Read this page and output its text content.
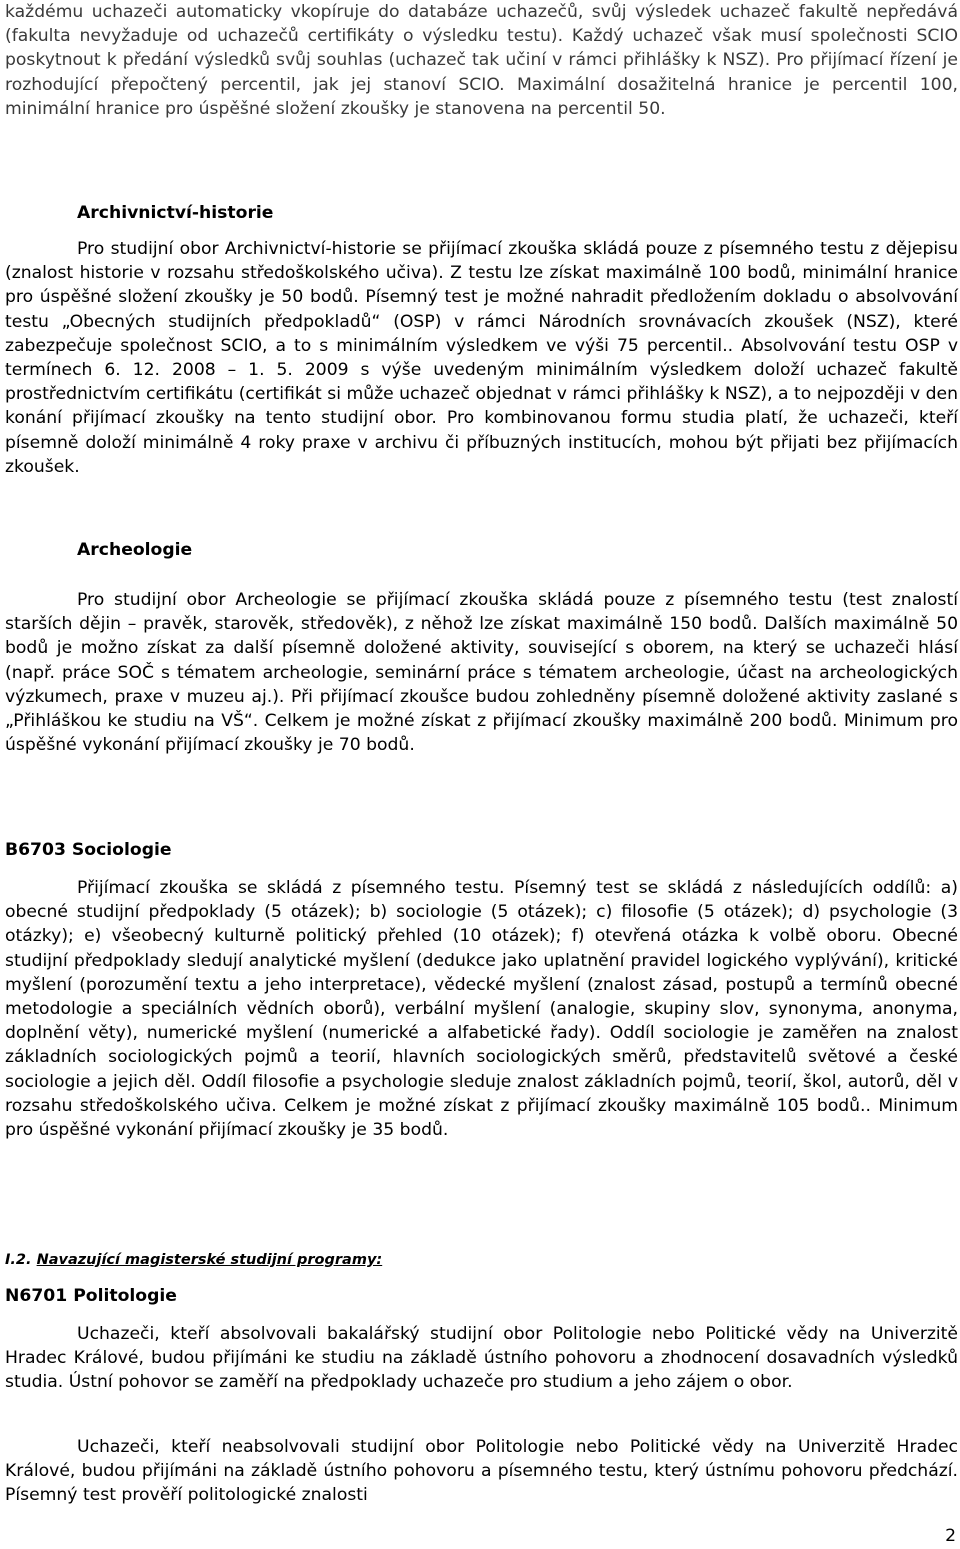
každému uchazeči automaticky vkopíruje do databáze uchazečů, svůj výsledek uchazeč fakultě nepředává (fakulta nevyžaduje od uchazečů certifikáty o výsledku testu). Každý uchazeč však musí společnosti SCIO poskytnout k předání výsledků svůj souhlas (uchazeč tak učiní v rámci přihlášky k NSZ). Pro přijímací řízení je rozhodující přepočtený percentil, jak jej stanoví SCIO. Maximální dosažitelná hranice je percentil 100, minimální hranice pro úspěšné složení zkoušky je stanovena na percentil 50.

Archivnictví-historie

Pro studijní obor Archivnictví-historie se přijímací zkouška skládá pouze z písemného testu z dějepisu (znalost historie v rozsahu středoškolského učiva). Z testu lze získat maximálně 100 bodů, minimální hranice pro úspěšné složení zkoušky je 50 bodů. Písemný test je možné nahradit předložením dokladu o absolvování testu „Obecných studijních předpokladů“ (OSP) v rámci Národních srovnávacích zkoušek (NSZ), které zabezpečuje společnost SCIO, a to s minimálním výsledkem ve výši 75 percentil.. Absolvování testu OSP v termínech 6. 12. 2008 – 1. 5. 2009 s výše uvedeným minimálním výsledkem doloží uchazeč fakultě prostřednictvím certifikátu (certifikát si může uchazeč objednat v rámci přihlášky k NSZ), a to nejpozději v den konání přijímací zkoušky na tento studijní obor. Pro kombinovanou formu studia platí, že uchazeči, kteří písemně doloží minimálně 4 roky praxe v archivu či příbuzných institucích, mohou být přijati bez přijímacích zkoušek.

Archeologie

Pro studijní obor Archeologie se přijímací zkouška skládá pouze z písemného testu (test znalostí starších dějin – pravěk, starověk, středověk), z něhož lze získat maximálně 150 bodů. Dalších maximálně 50 bodů je možno získat za další písemně doložené aktivity, související s oborem, na který se uchazeči hlásí (např. práce SOČ s tématem archeologie, seminární práce s tématem archeologie, účast na archeologických výzkumech, praxe v muzeu aj.). Při přijímací zkoušce budou zohledněny písemně doložené aktivity zaslané s „Přihláškou ke studiu na VŠ“. Celkem je možné získat z přijímací zkoušky maximálně 200 bodů. Minimum pro úspěšné vykonání přijímací zkoušky je 70 bodů.

B6703 Sociologie

Přijímací zkouška se skládá z písemného testu. Písemný test se skládá z následujících oddílů: a) obecné studijní předpoklady (5 otázek); b) sociologie (5 otázek); c) filosofie (5 otázek); d) psychologie (3 otázky); e) všeobecný kulturně politický přehled (10 otázek); f) otevřená otázka k volbě oboru. Obecné studijní předpoklady sledují analytické myšlení (dedukce jako uplatnění pravidel logického vyplývání), kritické myšlení (porozumění textu a jeho interpretace), vědecké myšlení (znalost zásad, postupů a termínů obecné metodologie a speciálních vědních oborů), verbální myšlení (analogie, skupiny slov, synonyma, anonyma, doplnění věty), numerické myšlení (numerické a alfabetické řady). Oddíl sociologie je zaměřen na znalost základních sociologických pojmů a teorií, hlavních sociologických směrů, představitelů světové a české sociologie a jejich děl. Oddíl filosofie a psychologie sleduje znalost základních pojmů, teorií, škol, autorů, děl v rozsahu středoškolského učiva. Celkem je možné získat z přijímací zkoušky maximálně 105 bodů.. Minimum pro úspěšné vykonání přijímací zkoušky je 35 bodů.

I.2. Navazující magisterské studijní programy:

N6701 Politologie

Uchazeči, kteří absolvovali bakalářský studijní obor Politologie nebo Politické vědy na Univerzitě Hradec Králové, budou přijímáni ke studiu na základě ústního pohovoru a zhodnocení dosavadních výsledků studia. Ústní pohovor se zaměří na předpoklady uchazeče pro studium a jeho zájem o obor.

Uchazeči, kteří neabsolvovali studijní obor Politologie nebo Politické vědy na Univerzitě Hradec Králové, budou přijímáni na základě ústního pohovoru a písemného testu, který ústnímu pohovoru předchází. Písemný test prověří politologické znalosti

2
